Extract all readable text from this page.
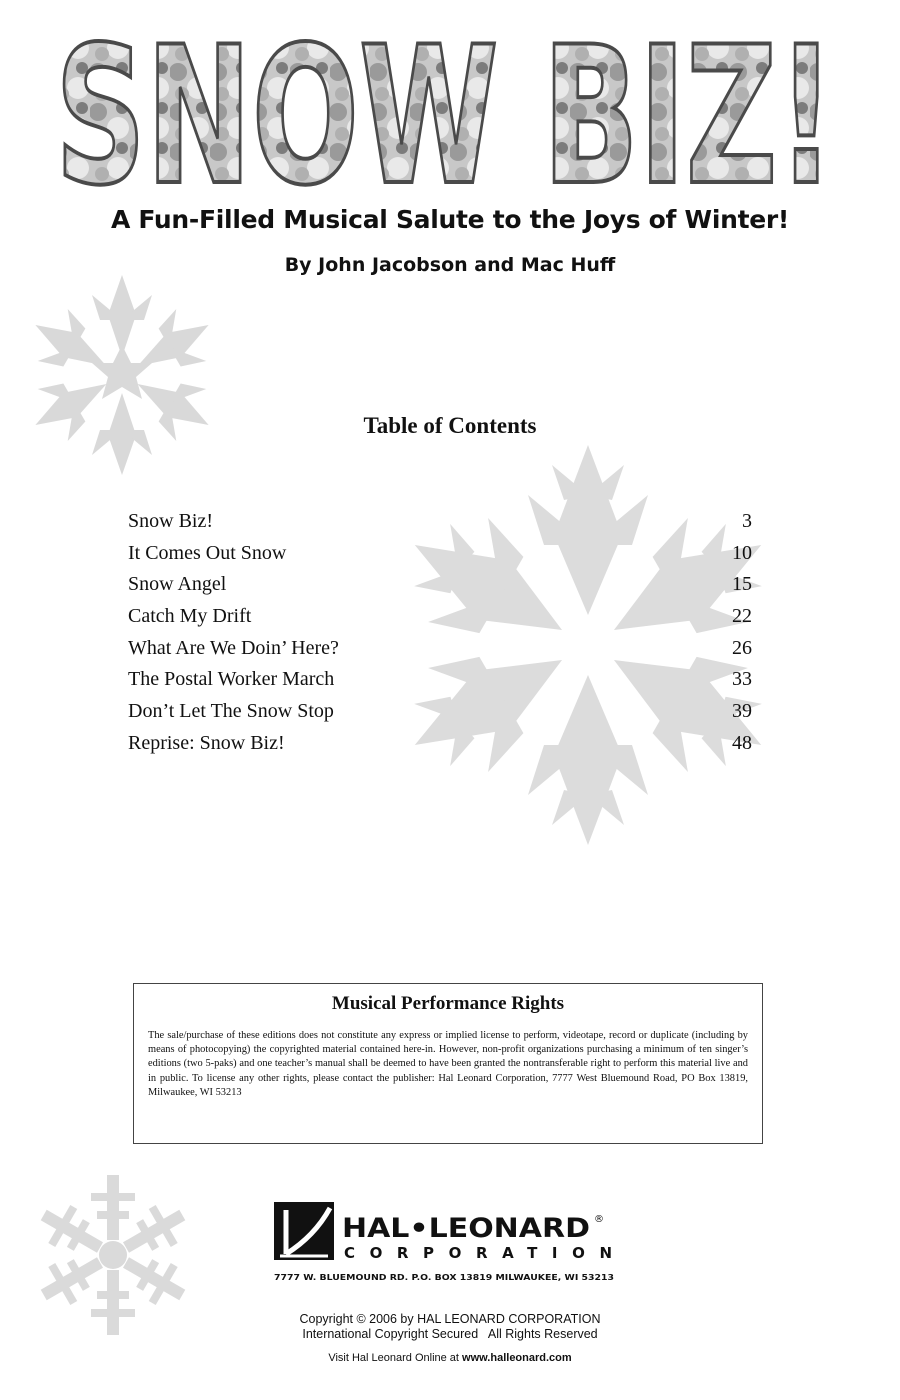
SNOW BIZ!
A Fun-Filled Musical Salute to the Joys of Winter!
By John Jacobson and Mac Huff
Table of Contents
Snow Biz!	3
It Comes Out Snow	10
Snow Angel	15
Catch My Drift	22
What Are We Doin’ Here?	26
The Postal Worker March	33
Don’t Let The Snow Stop	39
Reprise: Snow Biz!	48
Musical Performance Rights

The sale/purchase of these editions does not constitute any express or implied license to perform, videotape, record or duplicate (including by means of photocopying) the copyrighted material contained here-in. However, non-profit organizations purchasing a minimum of ten singer’s editions (two 5-paks) and one teacher’s manual shall be deemed to have been granted the nontransferable right to perform this material live and in public. To license any other rights, please contact the publisher: Hal Leonard Corporation, 7777 West Bluemound Road, PO Box 13819, Milwaukee, WI 53213

HAL•LEONARD ®
CORPORATION
7777 W. BLUEMOUND RD. P.O. BOX 13819 MILWAUKEE, WI 53213
Copyright © 2006 by HAL LEONARD CORPORATION
International Copyright Secured   All Rights Reserved
Visit Hal Leonard Online at www.halleonard.com
